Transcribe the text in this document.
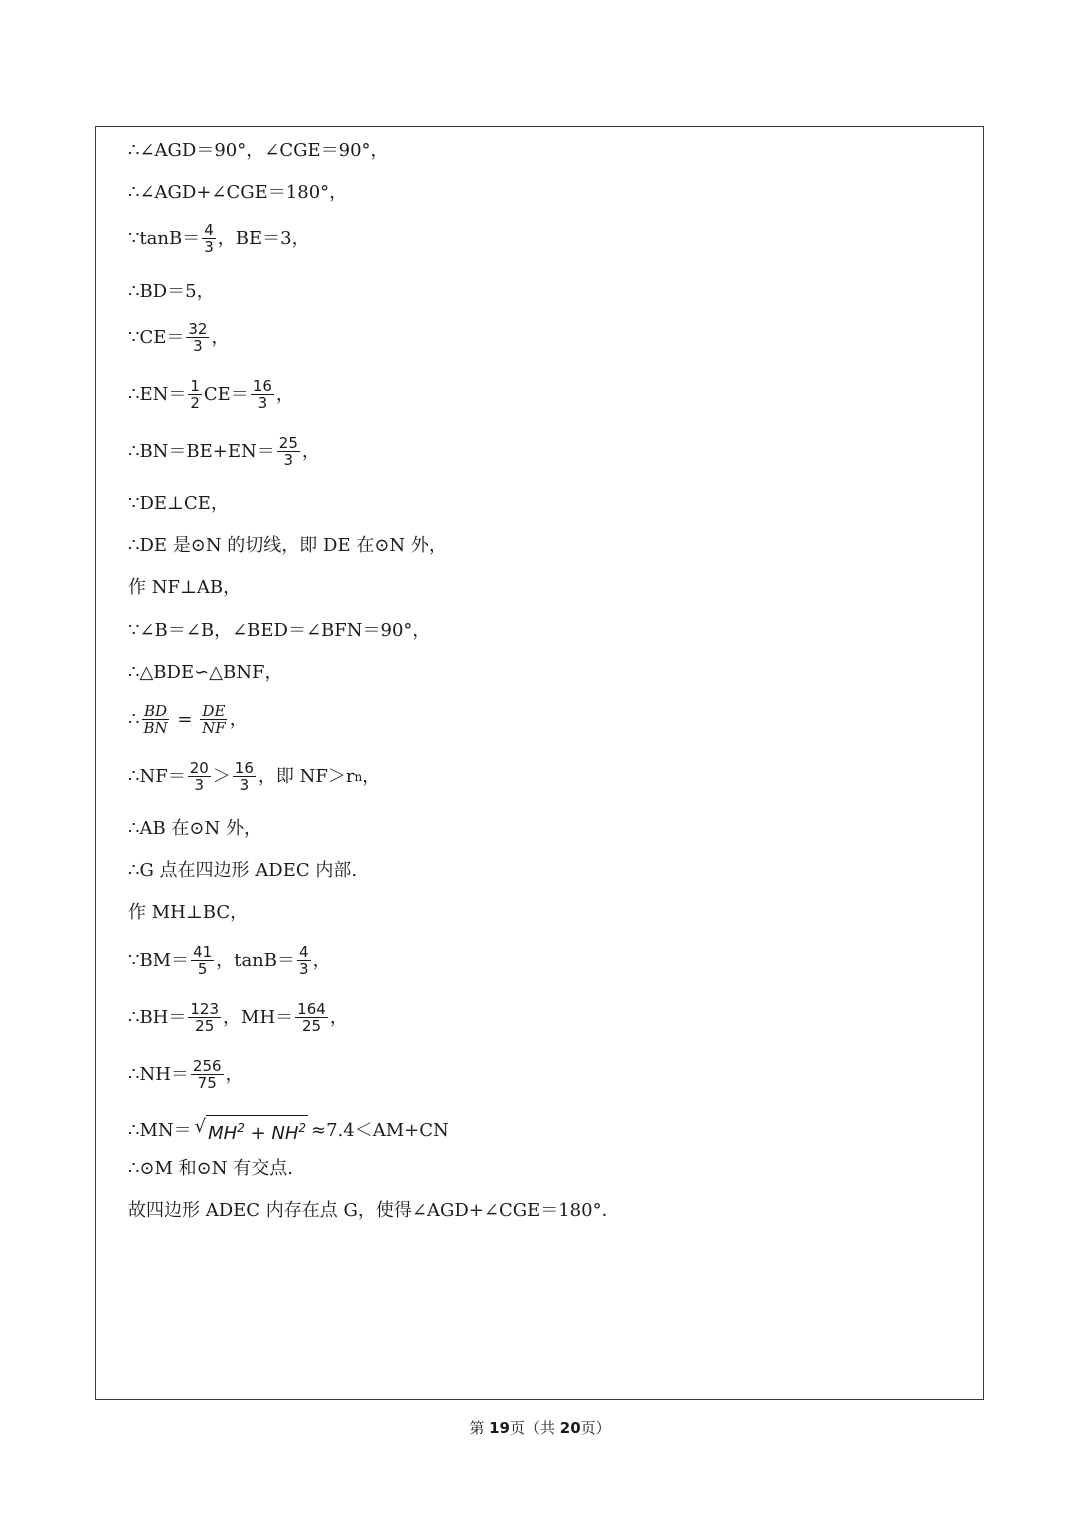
∴∠AGD＝90°，∠CGE＝90°，
∴∠AGD+∠CGE＝180°，
∵tanB＝ $\frac{4}{3}$ ，BE＝3，
∴BD＝5，
∵CE＝ $\frac{32}{3}$ ，
∴EN＝ $\frac{1}{2} CE= \frac{16}{3}$ ，
∴BN＝BE+EN＝ $\frac{25}{3}$ ，
∵DE⊥CE，
∴DE 是⊙N 的切线，即 DE 在⊙N 外，
作 NF⊥AB，
∵∠B＝∠B，∠BED＝∠BFN＝90°，
∴△BDE∽△BNF，
∴ $\frac{BD}{BN} = \frac{DE}{NF}$ ，
∴NF＝ $\frac{20}{3} > \frac{16}{3}$ ，即 NF＞r n ，
∴AB 在⊙N 外，
∴G 点在四边形 ADEC 内部.
作 MH⊥BC，
∵BM＝ $\frac{41}{5}$ ，$\tan B= \frac{4}{3}$ ，
∴BH＝ $\frac{123}{25}$ ，$MH= \frac{164}{25}$ ，
∴NH＝ $\frac{256}{75}$ ，
∴MN＝ √ $MH^2 + NH^2 \approx 7.4<AM+CN$
∴⊙M 和⊙N 有交点.
故四边形 ADEC 内存在点 G，使得∠AGD+∠CGE＝180°．
第 19页（共 20页）
